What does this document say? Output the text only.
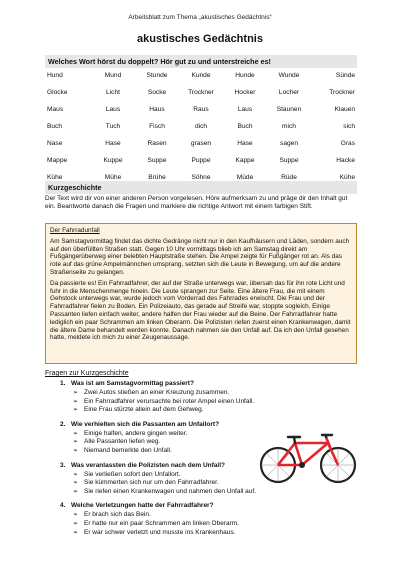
Arbeitsblatt zum Thema „akustisches Gedächtnis“
akustisches Gedächtnis
Welches Wort hörst du doppelt? Hör gut zu und unterstreiche es!
Hund	Mund	Stunde	Kunde	Hunde	Wunde	Sünde
Glocke	Licht	Socke	Trockner	Hocker	Locher	Trockner
Maus	Laus	Haus	Raus	Laus	Staunen	Klauen
Buch	Tuch	Fisch	dich	Buch	mich	sich
Nase	Hase	Rasen	grasen	Hase	sagen	Gras
Mappe	Kuppe	Suppe	Puppe	Kappe	Suppe	Hacke
Kühe	Mühe	Brühe	Söhne	Müde	Rüde	Kühe
Kurzgeschichte
Der Text wird dir von einer anderen Person vorgelesen. Höre aufmerksam zu und präge dir den Inhalt gut ein. Beantworte danach die Fragen und markiere die richtige Antwort mit einem farbigen Stift.
Der Fahrradunfall

Am Samstagvormittag findet das dichte Gedränge nicht nur in den Kaufhäusern und Läden, sondern auch auf den überfüllten Straßen statt. Gegen 10 Uhr vormittags blieb ich am Samstag direkt am Fußgängerüberweg einer belebten Hauptstraße stehen. Die Ampel zeigte für Fußgänger rot an. Als das rote auf das grüne Ampelmännchen umsprang, setzten sich die Leute in Bewegung, um auf die andere Straßenseite zu gelangen.

Da passierte es! Ein Fahrradfahrer, der auf der Straße unterwegs war, übersah das für ihn rote Licht und fuhr in die Menschenmenge hinein. Die Leute sprangen zur Seite. Eine ältere Frau, die mit einem Gehstock unterwegs war, wurde jedoch vom Vorderrad des Fahrrades erwischt. Die Frau und der Fahrradfahrer fielen zu Boden. Ein Polizeiauto, das gerade auf Streife war, stoppte sogleich. Einige Passanten liefen einfach weiter, andere halfen der Frau wieder auf die Beine. Der Fahrradfahrer hatte lediglich ein paar Schrammen am linken Oberarm. Die Polizisten riefen zuerst einen Krankenwagen, damit die ältere Dame behandelt werden konnte. Danach nahmen sie den Unfall auf. Da ich den Unfall gesehen hatte, meldete ich mich zu einer Zeugenaussage.

Fragen zur Kurzgeschichte
1. Was ist am Samstagvormittag passiert?
➢ Zwei Autos stießen an einer Kreuzung zusammen.
➢ Ein Fahrradfahrer verursachte bei roter Ampel einen Unfall.
➢ Eine Frau stürzte allein auf dem Gehweg.
2. Wie verhielten sich die Passanten am Unfallort?
➢ Einige halfen, andere gingen weiter.
➢ Alle Passanten liefen weg.
➢ Niemand bemerkte den Unfall.
3. Was veranlassten die Polizisten nach dem Unfall?
➢ Sie verließen sofort den Unfallort.
➢ Sie kümmerten sich nur um den Fahrradfahrer.
➢ Sie riefen einen Krankenwagen und nahmen den Unfall auf.
4. Welche Verletzungen hatte der Fahrradfahrer?
➢ Er brach sich das Bein.
➢ Er hatte nur ein paar Schrammen am linken Oberarm.
➢ Er war schwer verletzt und musste ins Krankenhaus.
